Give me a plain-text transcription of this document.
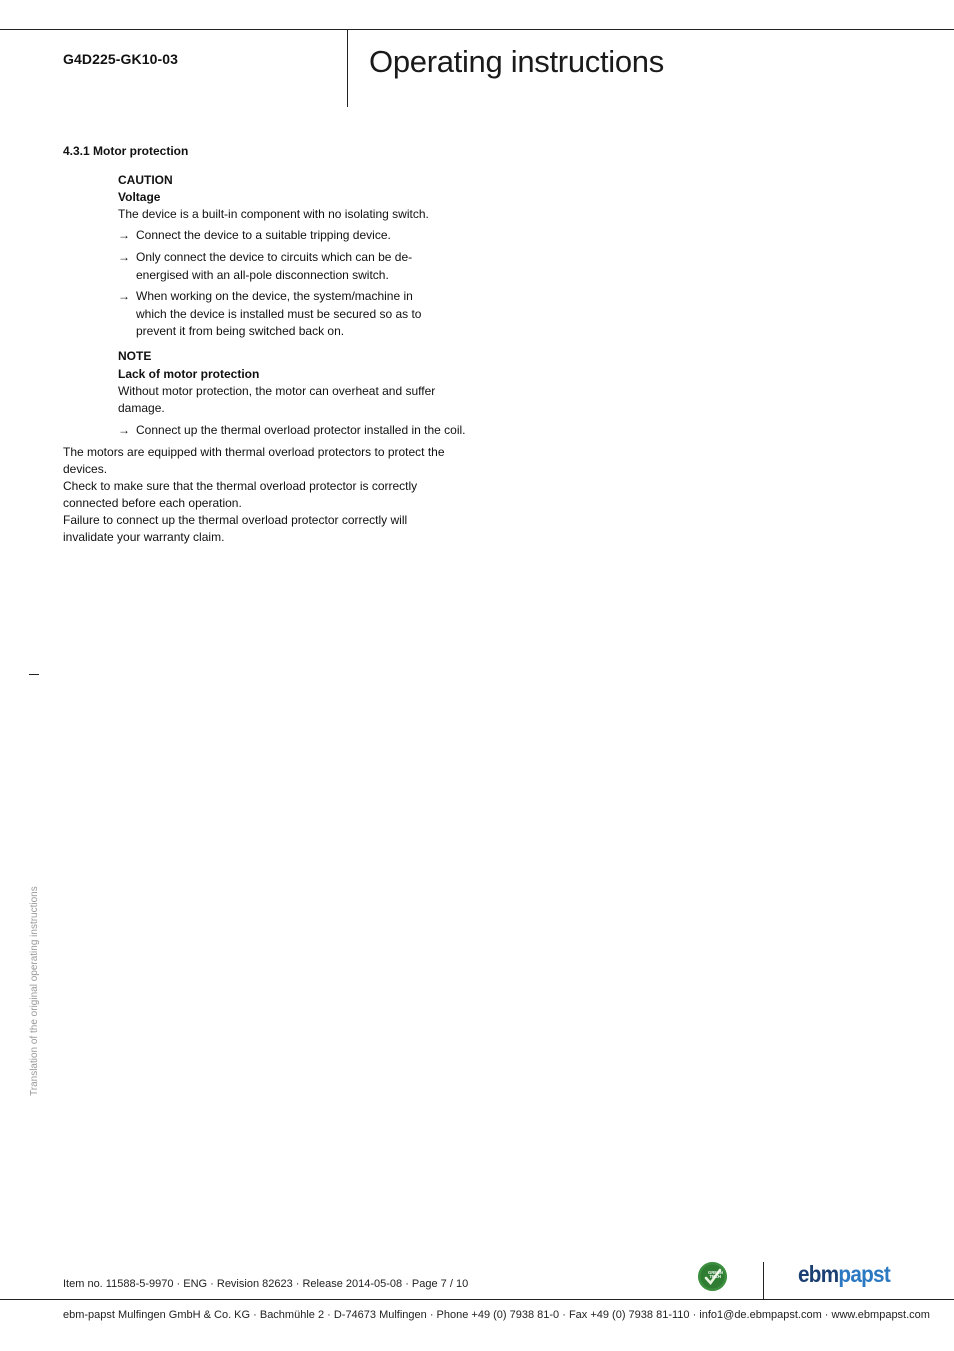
G4D225-GK10-03	Operating instructions
4.3.1 Motor protection
CAUTION
Voltage
The device is a built-in component with no isolating switch.
→ Connect the device to a suitable tripping device.
→ Only connect the device to circuits which can be de-
energised with an all-pole disconnection switch.
→ When working on the device, the system/machine in
which the device is installed must be secured so as to
prevent it from being switched back on.
NOTE
Lack of motor protection
Without motor protection, the motor can overheat and suffer
damage.
→ Connect up the thermal overload protector installed in the coil.
The motors are equipped with thermal overload protectors to protect the
devices.
Check to make sure that the thermal overload protector is correctly
connected before each operation.
Failure to connect up the thermal overload protector correctly will
invalidate your warranty claim.
Translation of the original operating instructions
Item no. 11588-5-9970 · ENG · Revision 82623 · Release 2014-05-08 · Page 7 / 10
GREEN
TECH	ebmpapst
ebm-papst Mulfingen GmbH & Co. KG · Bachmühle 2 · D-74673 Mulfingen · Phone +49 (0) 7938 81-0 · Fax +49 (0) 7938 81-110 · info1@de.ebmpapst.com · www.ebmpapst.com
